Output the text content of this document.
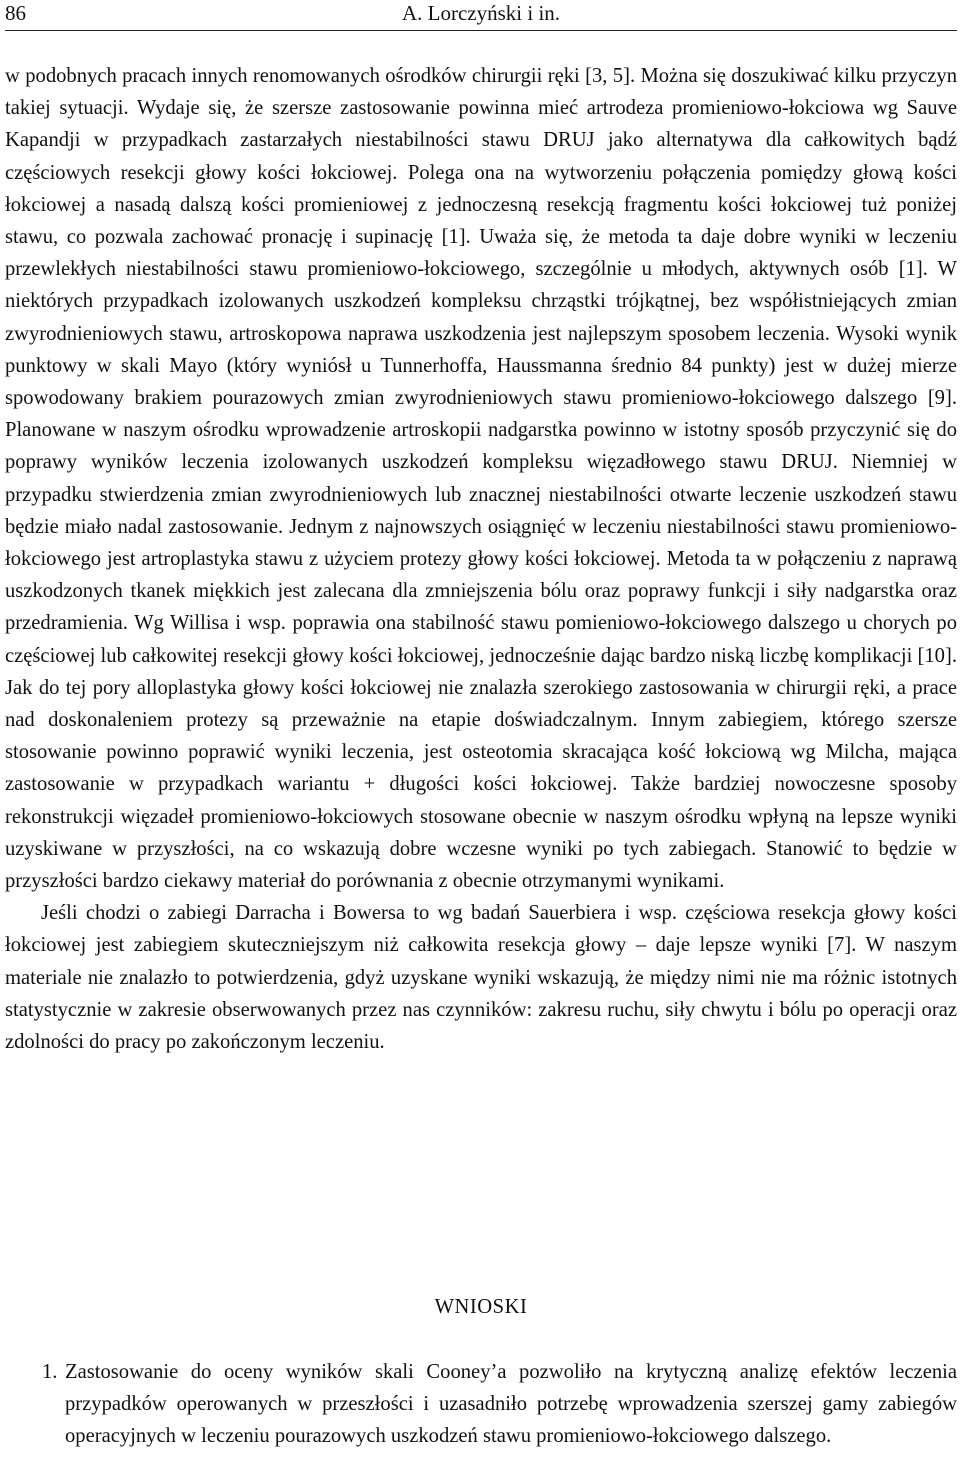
86	A. Lorczyński i in.

w podobnych pracach innych renomowanych ośrodków chirurgii ręki [3, 5]. Można się doszukiwać kilku przyczyn takiej sytuacji. Wydaje się, że szersze zastosowanie powinna mieć artrodeza promieniowo-łokciowa wg Sauve Kapandji w przypadkach zastarzałych niestabilności stawu DRUJ jako alternatywa dla całkowitych bądź częściowych resekcji głowy kości łokciowej. Polega ona na wytworzeniu połączenia pomiędzy głową kości łokciowej a nasadą dalszą kości promieniowej z jednoczesną resekcją fragmentu kości łokciowej tuż poniżej stawu, co pozwala zachować pronację i supinację [1]. Uważa się, że metoda ta daje dobre wyniki w leczeniu przewlekłych niestabilności stawu promieniowo-łokciowego, szczególnie u młodych, aktywnych osób [1]. W niektórych przypadkach izolowanych uszkodzeń kompleksu chrząstki trójkątnej, bez współistniejących zmian zwyrodnieniowych stawu, artroskopowa naprawa uszkodzenia jest najlepszym sposobem leczenia. Wysoki wynik punktowy w skali Mayo (który wyniósł u Tunnerhoffa, Haussmanna średnio 84 punkty) jest w dużej mierze spowodowany brakiem pourazowych zmian zwyrodnieniowych stawu promieniowo-łokciowego dalszego [9]. Planowane w naszym ośrodku wprowadzenie artroskopii nadgarstka powinno w istotny sposób przyczynić się do poprawy wyników leczenia izolowanych uszkodzeń kompleksu więzadłowego stawu DRUJ. Niemniej w przypadku stwierdzenia zmian zwyrodnieniowych lub znacznej niestabilności otwarte leczenie uszkodzeń stawu będzie miało nadal zastosowanie. Jednym z najnowszych osiągnięć w leczeniu niestabilności stawu promieniowo-łokciowego jest artroplastyka stawu z użyciem protezy głowy kości łokciowej. Metoda ta w połączeniu z naprawą uszkodzonych tkanek miękkich jest zalecana dla zmniejszenia bólu oraz poprawy funkcji i siły nadgarstka oraz przedramienia. Wg Willisa i wsp. poprawia ona stabilność stawu pomieniowo-łokciowego dalszego u chorych po częściowej lub całkowitej resekcji głowy kości łokciowej, jednocześnie dając bardzo niską liczbę komplikacji [10]. Jak do tej pory alloplastyka głowy kości łokciowej nie znalazła szerokiego zastosowania w chirurgii ręki, a prace nad doskonaleniem protezy są przeważnie na etapie doświadczalnym. Innym zabiegiem, którego szersze stosowanie powinno poprawić wyniki leczenia, jest osteotomia skracająca kość łokciową wg Milcha, mająca zastosowanie w przypadkach wariantu + długości kości łokciowej. Także bardziej nowoczesne sposoby rekonstrukcji więzadeł promieniowo-łokciowych stosowane obecnie w naszym ośrodku wpłyną na lepsze wyniki uzyskiwane w przyszłości, na co wskazują dobre wczesne wyniki po tych zabiegach. Stanowić to będzie w przyszłości bardzo ciekawy materiał do porównania z obecnie otrzymanymi wynikami.

Jeśli chodzi o zabiegi Darracha i Bowersa to wg badań Sauerbiera i wsp. częściowa resekcja głowy kości łokciowej jest zabiegiem skuteczniejszym niż całkowita resekcja głowy – daje lepsze wyniki [7]. W naszym materiale nie znalazło to potwierdzenia, gdyż uzyskane wyniki wskazują, że między nimi nie ma różnic istotnych statystycznie w zakresie obserwowanych przez nas czynników: zakresu ruchu, siły chwytu i bólu po operacji oraz zdolności do pracy po zakończonym leczeniu.

WNIOSKI
1. Zastosowanie do oceny wyników skali Cooney’a pozwoliło na krytyczną analizę efektów leczenia przypadków operowanych w przeszłości i uzasadniło potrzebę wprowadzenia szerszej gamy zabiegów operacyjnych w leczeniu pourazowych uszkodzeń stawu promieniowo-łokciowego dalszego.
